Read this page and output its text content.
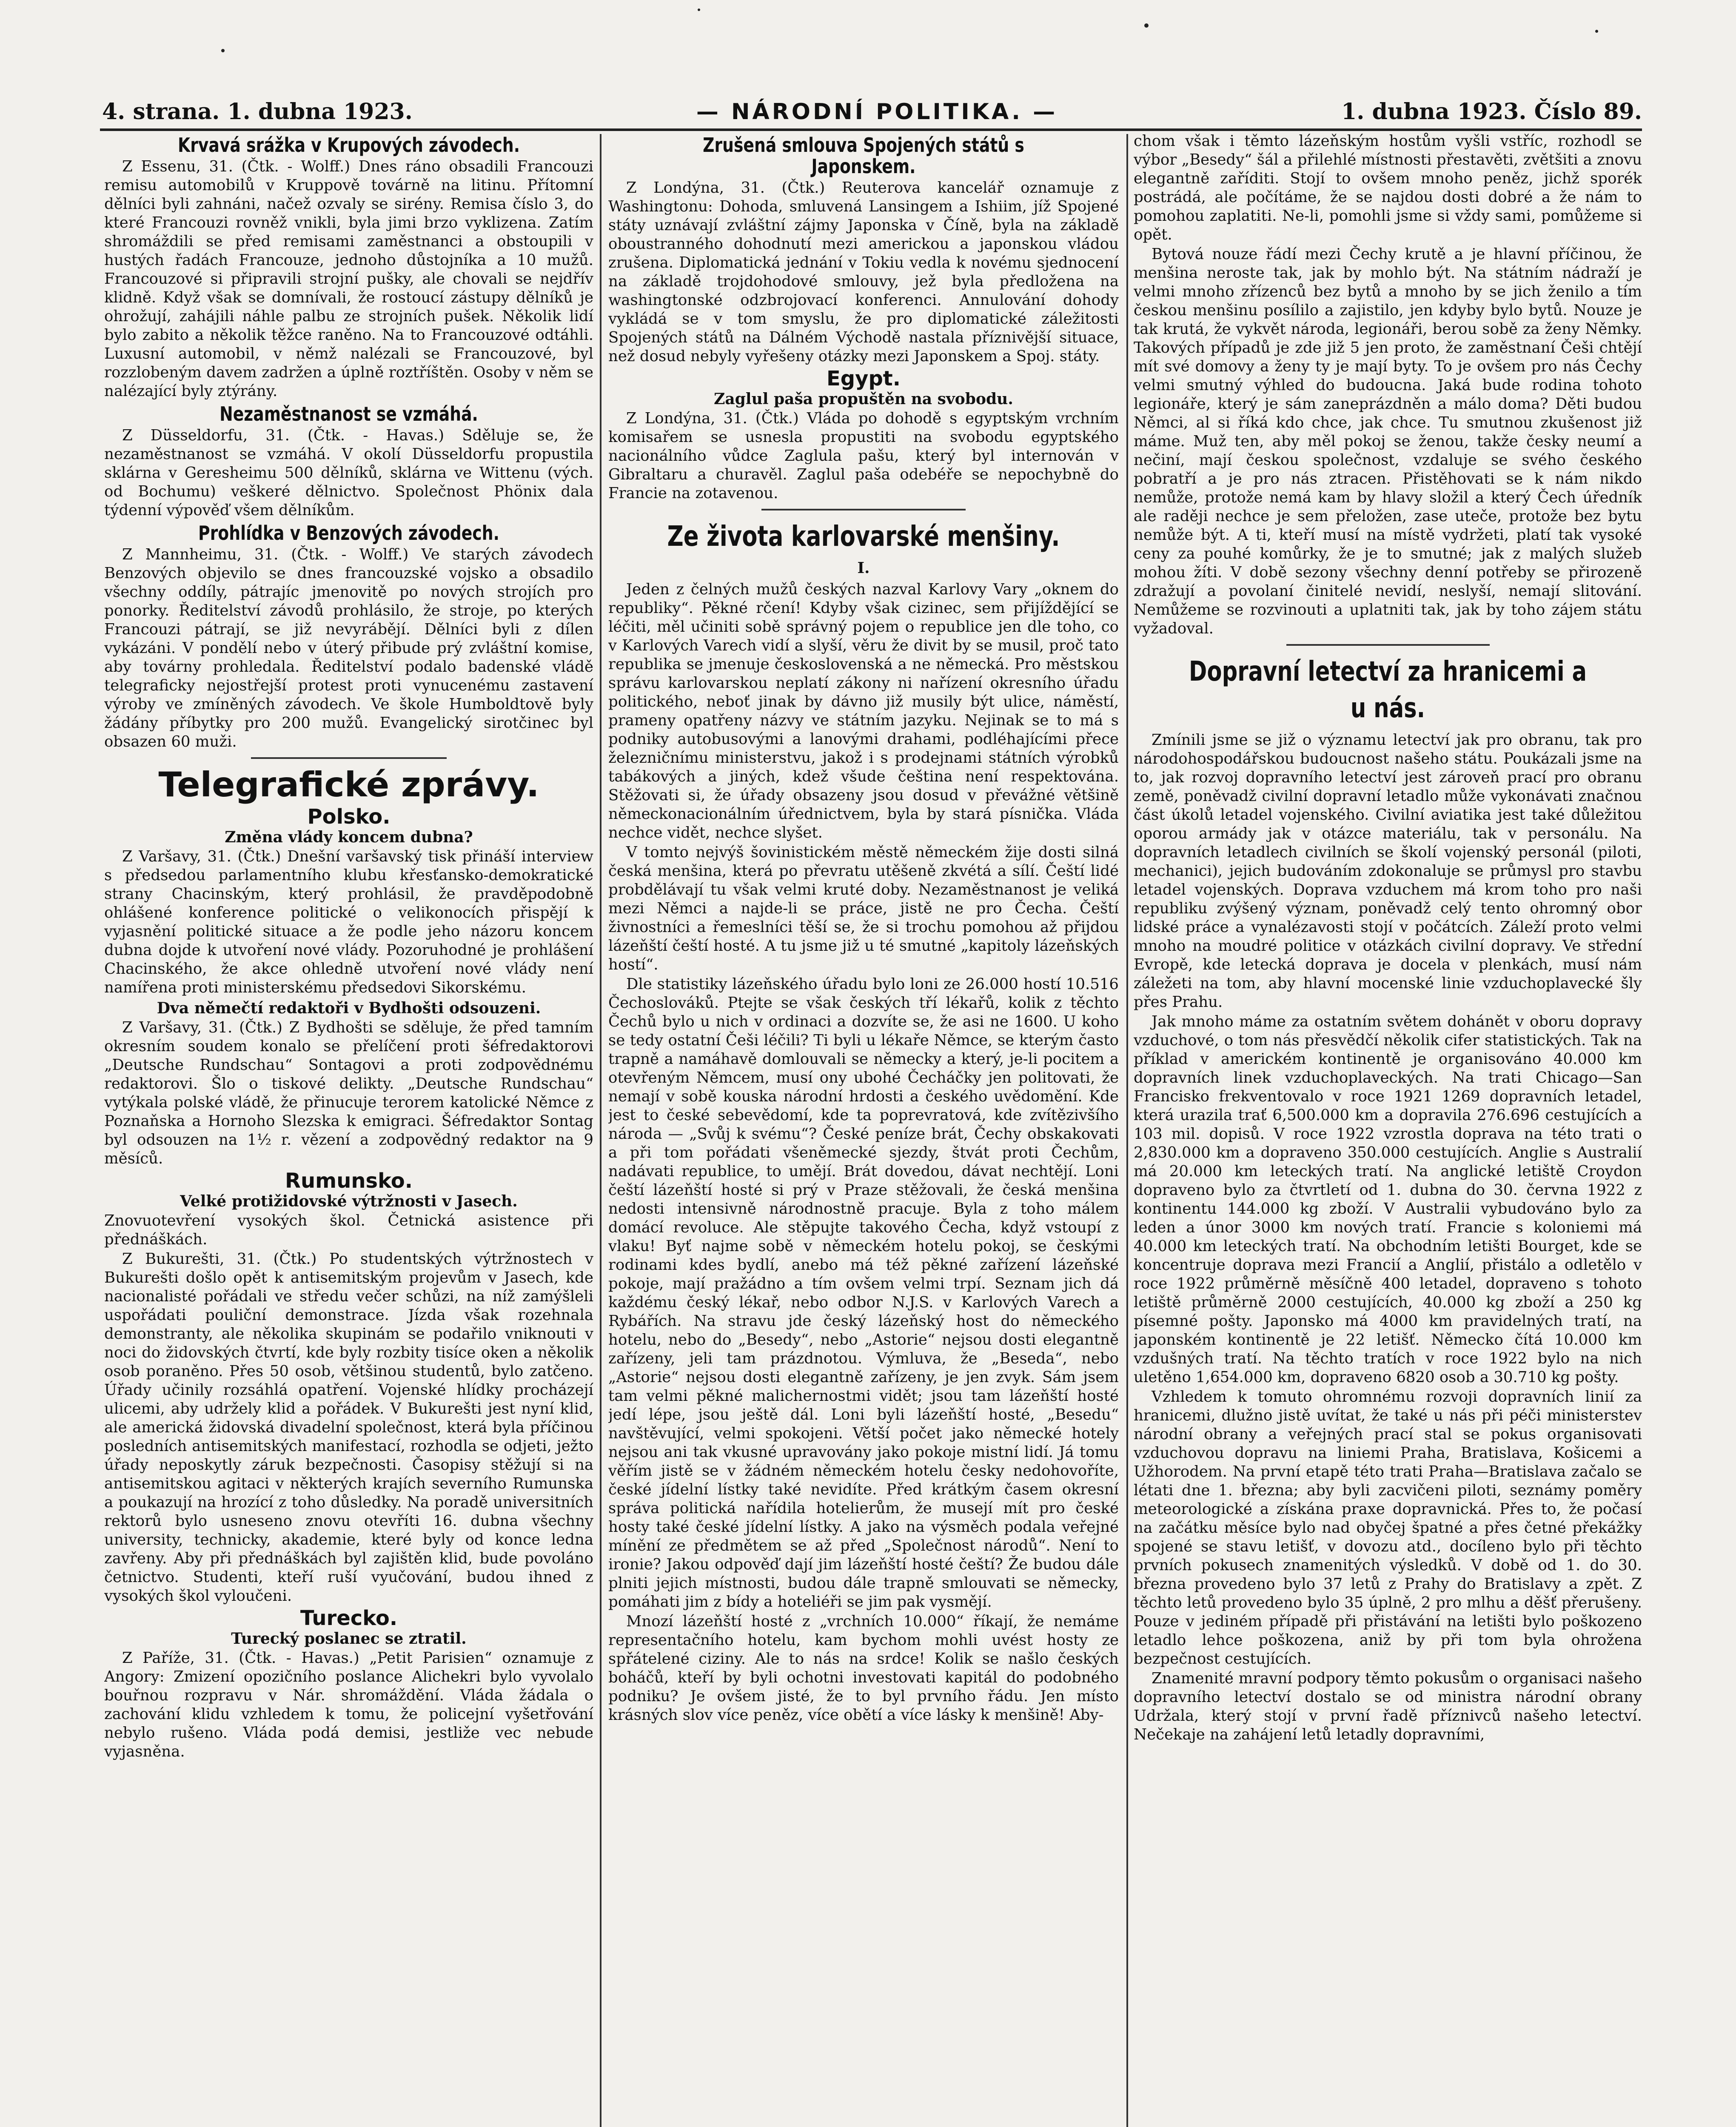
4. strana. 1. dubna 1923.	— NÁRODNÍ POLITIKA. —	1. dubna 1923. Číslo 89.
Krvavá srážka v Krupových závodech.

Z Essenu, 31. (Čtk. - Wolff.) Dnes ráno obsadili Francouzi remisu automobilů v Kruppově továrně na litinu. Přítomní dělníci byli zahnáni, načež ozvaly se sirény. Remisa číslo 3, do které Francouzi rovněž vnikli, byla jimi brzo vyklizena. Zatím shromáždili se před remisami zaměstnanci a obstoupili v hustých řadách Francouze, jednoho důstojníka a 10 mužů. Francouzové si připravili strojní pušky, ale chovali se nejdřív klidně. Když však se domnívali, že rostoucí zástupy dělníků je ohrožují, zahájili náhle palbu ze strojních pušek. Několik lidí bylo zabito a několik těžce raněno. Na to Francouzové odtáhli. Luxusní automobil, v němž nalézali se Francouzové, byl rozzlobeným davem zadržen a úplně roztříštěn. Osoby v něm se nalézající byly ztýrány.

Nezaměstnanost se vzmáhá.

Z Düsseldorfu, 31. (Čtk. - Havas.) Sděluje se, že nezaměstnanost se vzmáhá. V okolí Düsseldorfu propustila sklárna v Geresheimu 500 dělníků, sklárna ve Wittenu (vých. od Bochumu) veškeré dělnictvo. Společnost Phönix dala týdenní výpověď všem dělníkům.

Prohlídka v Benzových závodech.

Z Mannheimu, 31. (Čtk. - Wolff.) Ve starých závodech Benzových objevilo se dnes francouzské vojsko a obsadilo všechny oddíly, pátrajíc jmenovitě po nových strojích pro ponorky. Ředitelství závodů prohlásilo, že stroje, po kterých Francouzi pátrají, se již nevyrábějí. Dělníci byli z dílen vykázáni. V pondělí nebo v úterý přibude prý zvláštní komise, aby továrny prohledala. Ředitelství podalo badenské vládě telegraficky nejostřejší protest proti vynucenému zastavení výroby ve zmíněných závodech. Ve škole Humboldtově byly žádány příbytky pro 200 mužů. Evangelický sirotčinec byl obsazen 60 muži.

Telegrafické zprávy.
Polsko.
Změna vlády koncem dubna?

Z Varšavy, 31. (Čtk.) Dnešní varšavský tisk přináší interview s předsedou parlamentního klubu křesťansko-demokratické strany Chacinským, který prohlásil, že pravděpodobně ohlášené konference politické o velikonocích přispějí k vyjasnění politické situace a že podle jeho názoru koncem dubna dojde k utvoření nové vlády. Pozoruhodné je prohlášení Chacinského, že akce ohledně utvoření nové vlády není namířena proti ministerskému předsedovi Sikorskému.

Dva němečtí redaktoři v Bydhošti odsouzeni.

Z Varšavy, 31. (Čtk.) Z Bydhošti se sděluje, že před tamním okresním soudem konalo se přelíčení proti šéfredaktorovi „Deutsche Rundschau“ Sontagovi a proti zodpovědnému redaktorovi. Šlo o tiskové delikty. „Deutsche Rundschau“ vytýkala polské vládě, že přinucuje terorem katolické Němce z Poznaňska a Hornoho Slezska k emigraci. Šéfredaktor Sontag byl odsouzen na 1½ r. vězení a zodpovědný redaktor na 9 měsíců.

Rumunsko.
Velké protižidovské výtržnosti v Jasech.

Znovuotevření vysokých škol. Četnická asistence při přednáškách.

Z Bukurešti, 31. (Čtk.) Po studentských výtržnostech v Bukurešti došlo opět k antisemitským projevům v Jasech, kde nacionalisté pořádali ve středu večer schůzi, na níž zamýšleli uspořádati pouliční demonstrace. Jízda však rozehnala demonstranty, ale několika skupinám se podařilo vniknouti v noci do židovských čtvrtí, kde byly rozbity tisíce oken a několik osob poraněno. Přes 50 osob, většinou studentů, bylo zatčeno. Úřady učinily rozsáhlá opatření. Vojenské hlídky procházejí ulicemi, aby udržely klid a pořádek. V Bukurešti jest nyní klid, ale americká židovská divadelní společnost, která byla příčinou posledních antisemitských manifestací, rozhodla se odjeti, ježto úřady neposkytly záruk bezpečnosti. Časopisy stěžují si na antisemitskou agitaci v některých krajích severního Rumunska a poukazují na hrozící z toho důsledky. Na poradě universitních rektorů bylo usneseno znovu otevříti 16. dubna všechny university, technicky, akademie, které byly od konce ledna zavřeny. Aby při přednáškách byl zajištěn klid, bude povoláno četnictvo. Studenti, kteří ruší vyučování, budou ihned z vysokých škol vyloučeni.

Turecko.
Turecký poslanec se ztratil.

Z Paříže, 31. (Čtk. - Havas.) „Petit Parisien“ oznamuje z Angory: Zmizení opozičního poslance Alichekri bylo vyvolalo bouřnou rozpravu v Nár. shromáždění. Vláda žádala o zachování klidu vzhledem k tomu, že policejní vyšetřování nebylo rušeno. Vláda podá demisi, jestliže vec nebude vyjasněna.

Zrušená smlouva Spojených států s Japonskem.

Z Londýna, 31. (Čtk.) Reuterova kancelář oznamuje z Washingtonu: Dohoda, smluvená Lansingem a Ishiim, jíž Spojené státy uznávají zvláštní zájmy Japonska v Číně, byla na základě oboustranného dohodnutí mezi americkou a japonskou vládou zrušena. Diplomatická jednání v Tokiu vedla k novému sjednocení na základě trojdohodové smlouvy, jež byla předložena na washingtonské odzbrojovací konferenci. Annulování dohody vykládá se v tom smyslu, že pro diplomatické záležitosti Spojených států na Dálném Východě nastala příznivější situace, než dosud nebyly vyřešeny otázky mezi Japonskem a Spoj. státy.

Egypt.
Zaglul paša propuštěn na svobodu.

Z Londýna, 31. (Čtk.) Vláda po dohodě s egyptským vrchním komisařem se usnesla propustiti na svobodu egyptského nacionálního vůdce Zaglula pašu, který byl internován v Gibraltaru a churavěl. Zaglul paša odebéře se nepochybně do Francie na zotavenou.

Ze života karlovarské menšiny.
I.

Jeden z čelných mužů českých nazval Karlovy Vary „oknem do republiky“. Pěkné rčení! Kdyby však cizinec, sem přijíždějící se léčiti, měl učiniti sobě správný pojem o republice jen dle toho, co v Karlových Varech vidí a slyší, věru že divit by se musil, proč tato republika se jmenuje československá a ne německá. Pro městskou správu karlovarskou neplatí zákony ni nařízení okresního úřadu politického, neboť jinak by dávno již musily být ulice, náměstí, prameny opatřeny názvy ve státním jazyku. Nejinak se to má s podniky autobusovými a lanovými drahami, podléhajícími přece železničnímu ministerstvu, jakož i s prodejnami státních výrobků tabákových a jiných, kdež všude čeština není respektována. Stěžovati si, že úřady obsazeny jsou dosud v převážné většině německonacionálním úřednictvem, byla by stará písnička. Vláda nechce vidět, nechce slyšet.

V tomto nejvýš šovinistickém městě německém žije dosti silná česká menšina, která po převratu utěšeně zkvétá a sílí. Čeští lidé probdělávají tu však velmi kruté doby. Nezaměstnanost je veliká mezi Němci a najde-li se práce, jistě ne pro Čecha. Čeští živnostníci a řemeslníci těší se, že si trochu pomohou až přijdou lázeňští čeští hosté. A tu jsme již u té smutné „kapitoly lázeňských hostí“.

Dle statistiky lázeňského úřadu bylo loni ze 26.000 hostí 10.516 Čechoslováků. Ptejte se však českých tří lékařů, kolik z těchto Čechů bylo u nich v ordinaci a dozvíte se, že asi ne 1600. U koho se tedy ostatní Češi léčili? Ti byli u lékaře Němce, se kterým často trapně a namáhavě domlouvali se německy a který, je-li pocitem a otevřeným Němcem, musí ony ubohé Čecháčky jen politovati, že nemají v sobě kouska národní hrdosti a českého uvědomění. Kde jest to české sebevědomí, kde ta poprevratová, kde zvítězivšího národa — „Svůj k svému“? České peníze brát, Čechy obskakovati a při tom pořádati všeněmecké sjezdy, štvát proti Čechům, nadávati republice, to umějí. Brát dovedou, dávat nechtějí. Loni čeští lázeňští hosté si prý v Praze stěžovali, že česká menšina nedosti intensivně národnostně pracuje. Byla z toho málem domácí revoluce. Ale stěpujte takového Čecha, když vstoupí z vlaku! Byť najme sobě v německém hotelu pokoj, se českými rodinami kdes bydlí, anebo má též pěkné zařízení lázeňské pokoje, mají pražádno a tím ovšem velmi trpí. Seznam jich dá každému český lékař, nebo odbor N.J.S. v Karlových Varech a Rybářích. Na stravu jde český lázeňský host do německého hotelu, nebo do „Besedy“, nebo „Astorie“ nejsou dosti elegantně zařízeny, jeli tam prázdnotou. Výmluva, že „Beseda“, nebo „Astorie“ nejsou dosti elegantně zařízeny, je jen zvyk. Sám jsem tam velmi pěkné malichernostmi vidět; jsou tam lázeňští hosté jedí lépe, jsou ještě dál. Loni byli lázeňští hosté, „Besedu“ navštěvující, velmi spokojeni. Větší počet jako německé hotely nejsou ani tak vkusné upravovány jako pokoje mistní lidí. Já tomu věřím jistě se v žádném německém hotelu česky nedohovoříte, české jídelní lístky také nevidíte. Před krátkým časem okresní správa politická nařídila hotelierům, že musejí mít pro české hosty také české jídelní lístky. A jako na výsměch podala veřejné mínění ze předmětem se až před „Společnost národů“. Není to ironie? Jakou odpověď dají jim lázeňští hosté čeští? Že budou dále plniti jejich místnosti, budou dále trapně smlouvati se německy, pomáhati jim z bídy a hoteliéři se jim pak vysmějí.

Mnozí lázeňští hosté z „vrchních 10.000“ říkají, že nemáme representačního hotelu, kam bychom mohli uvést hosty ze spřátelené ciziny. Ale to nás na srdce! Kolik se našlo českých boháčů, kteří by byli ochotni investovati kapitál do podobného podniku? Je ovšem jisté, že to byl prvního řádu. Jen místo krásných slov více peněz, více obětí a více lásky k menšině! Aby-

chom však i těmto lázeňským hostům vyšli vstříc, rozhodl se výbor „Besedy“ šál a přilehlé místnosti přestavěti, zvětšiti a znovu elegantně zaříditi. Stojí to ovšem mnoho peněz, jichž sporék postrádá, ale počítáme, že se najdou dosti dobré a že nám to pomohou zaplatiti. Ne-li, pomohli jsme si vždy sami, pomůžeme si opět.

Bytová nouze řádí mezi Čechy krutě a je hlavní příčinou, že menšina neroste tak, jak by mohlo být. Na státním nádraží je velmi mnoho zřízenců bez bytů a mnoho by se jich ženilo a tím českou menšinu posílilo a zajistilo, jen kdyby bylo bytů. Nouze je tak krutá, že vykvět národa, legionáři, berou sobě za ženy Němky. Takových případů je zde již 5 jen proto, že zaměstnaní Češi chtějí mít své domovy a ženy ty je mají byty. To je ovšem pro nás Čechy velmi smutný výhled do budoucna. Jaká bude rodina tohoto legionáře, který je sám zaneprázdněn a málo doma? Děti budou Němci, al si říká kdo chce, jak chce. Tu smutnou zkušenost již máme. Muž ten, aby měl pokoj se ženou, takže česky neumí a nečiní, mají českou společnost, vzdaluje se svého českého pobratří a je pro nás ztracen. Přistěhovati se k nám nikdo nemůže, protože nemá kam by hlavy složil a který Čech úředník ale raději nechce je sem přeložen, zase uteče, protože bez bytu nemůže být. A ti, kteří musí na místě vydržeti, platí tak vysoké ceny za pouhé komůrky, že je to smutné; jak z malých služeb mohou žíti. V době sezony všechny denní potřeby se přirozeně zdražují a povolaní činitelé nevidí, neslyší, nemají slitování. Nemůžeme se rozvinouti a uplatniti tak, jak by toho zájem státu vyžadoval.

Dopravní letectví za hranicemi a u nás.

Zmínili jsme se již o významu letectví jak pro obranu, tak pro národohospodářskou budoucnost našeho státu. Poukázali jsme na to, jak rozvoj dopravního letectví jest zároveň prací pro obranu země, poněvadž civilní dopravní letadlo může vykonávati značnou část úkolů letadel vojenského. Civilní aviatika jest také důležitou oporou armády jak v otázce materiálu, tak v personálu. Na dopravních letadlech civilních se školí vojenský personál (piloti, mechanici), jejich budováním zdokonaluje se průmysl pro stavbu letadel vojenských. Doprava vzduchem má krom toho pro naši republiku zvýšený význam, poněvadž celý tento ohromný obor lidské práce a vynalézavosti stojí v počátcích. Záleží proto velmi mnoho na moudré politice v otázkách civilní dopravy. Ve střední Evropě, kde letecká doprava je docela v plenkách, musí nám záležeti na tom, aby hlavní mocenské linie vzduchoplavecké šly přes Prahu.

Jak mnoho máme za ostatním světem dohánět v oboru dopravy vzduchové, o tom nás přesvědčí několik cifer statistických. Tak na příklad v americkém kontinentě je organisováno 40.000 km dopravních linek vzduchoplaveckých. Na trati Chicago—San Francisko frekventovalo v roce 1921 1269 dopravních letadel, která urazila trať 6,500.000 km a dopravila 276.696 cestujících a 103 mil. dopisů. V roce 1922 vzrostla doprava na této trati o 2,830.000 km a dopraveno 350.000 cestujících. Anglie s Australií má 20.000 km leteckých tratí. Na anglické letiště Croydon dopraveno bylo za čtvrtletí od 1. dubna do 30. června 1922 z kontinentu 144.000 kg zboží. V Australii vybudováno bylo za leden a únor 3000 km nových tratí. Francie s koloniemi má 40.000 km leteckých tratí. Na obchodním letišti Bourget, kde se koncentruje doprava mezi Francií a Anglií, přistálo a odletělo v roce 1922 průměrně měsíčně 400 letadel, dopraveno s tohoto letiště průměrně 2000 cestujících, 40.000 kg zboží a 250 kg písemné pošty. Japonsko má 4000 km pravidelných tratí, na japonském kontinentě je 22 letišť. Německo čítá 10.000 km vzdušných tratí. Na těchto tratích v roce 1922 bylo na nich uletěno 1,654.000 km, dopraveno 6820 osob a 30.710 kg pošty.

Vzhledem k tomuto ohromnému rozvoji dopravních linií za hranicemi, dlužno jistě uvítat, že také u nás při péči ministerstev národní obrany a veřejných prací stal se pokus organisovati vzduchovou dopravu na liniemi Praha, Bratislava, Košicemi a Užhorodem. Na první etapě této trati Praha—Bratislava začalo se létati dne 1. března; aby byli zacvičeni piloti, seznámy poměry meteorologické a získána praxe dopravnická. Přes to, že počasí na začátku měsíce bylo nad obyčej špatné a přes četné překážky spojené se stavu letišť, v dovozu atd., docíleno bylo při těchto prvních pokusech znamenitých výsledků. V době od 1. do 30. března provedeno bylo 37 letů z Prahy do Bratislavy a zpět. Z těchto letů provedeno bylo 35 úplně, 2 pro mlhu a děšť přerušeny. Pouze v jediném případě při přistávání na letišti bylo poškozeno letadlo lehce poškozena, aniž by při tom byla ohrožena bezpečnost cestujících.

Znamenité mravní podpory těmto pokusům o organisaci našeho dopravního letectví dostalo se od ministra národní obrany Udržala, který stojí v první řadě příznivců našeho letectví. Nečekaje na zahájení letů letadly dopravními,
